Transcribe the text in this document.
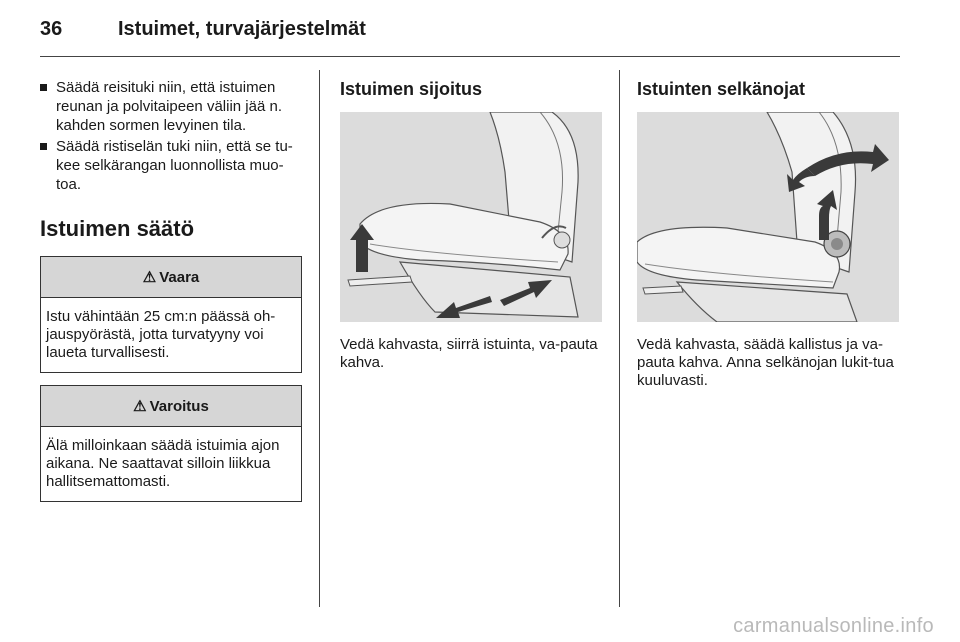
36	Istuimet, turvajärjestelmät
Säädä reisituki niin, että istuimen reunan ja polvitaipeen väliin jää n. kahden sormen levyinen tila.
Säädä ristiselän tuki niin, että se tu-kee selkärangan luonnollista muo-toa.
Istuimen säätö
⚠ Vaara
Istu vähintään 25 cm:n päässä oh-jauspyörästä, jotta turvatyyny voi laueta turvallisesti.
⚠ Varoitus
Älä milloinkaan säädä istuimia ajon aikana. Ne saattavat silloin liikkua hallitsemattomasti.
Istuimen sijoitus
Vedä kahvasta, siirrä istuinta, va-pauta kahva.
Istuinten selkänojat
Vedä kahvasta, säädä kallistus ja va-pauta kahva. Anna selkänojan lukit-tua kuuluvasti.
carmanualsonline.info
